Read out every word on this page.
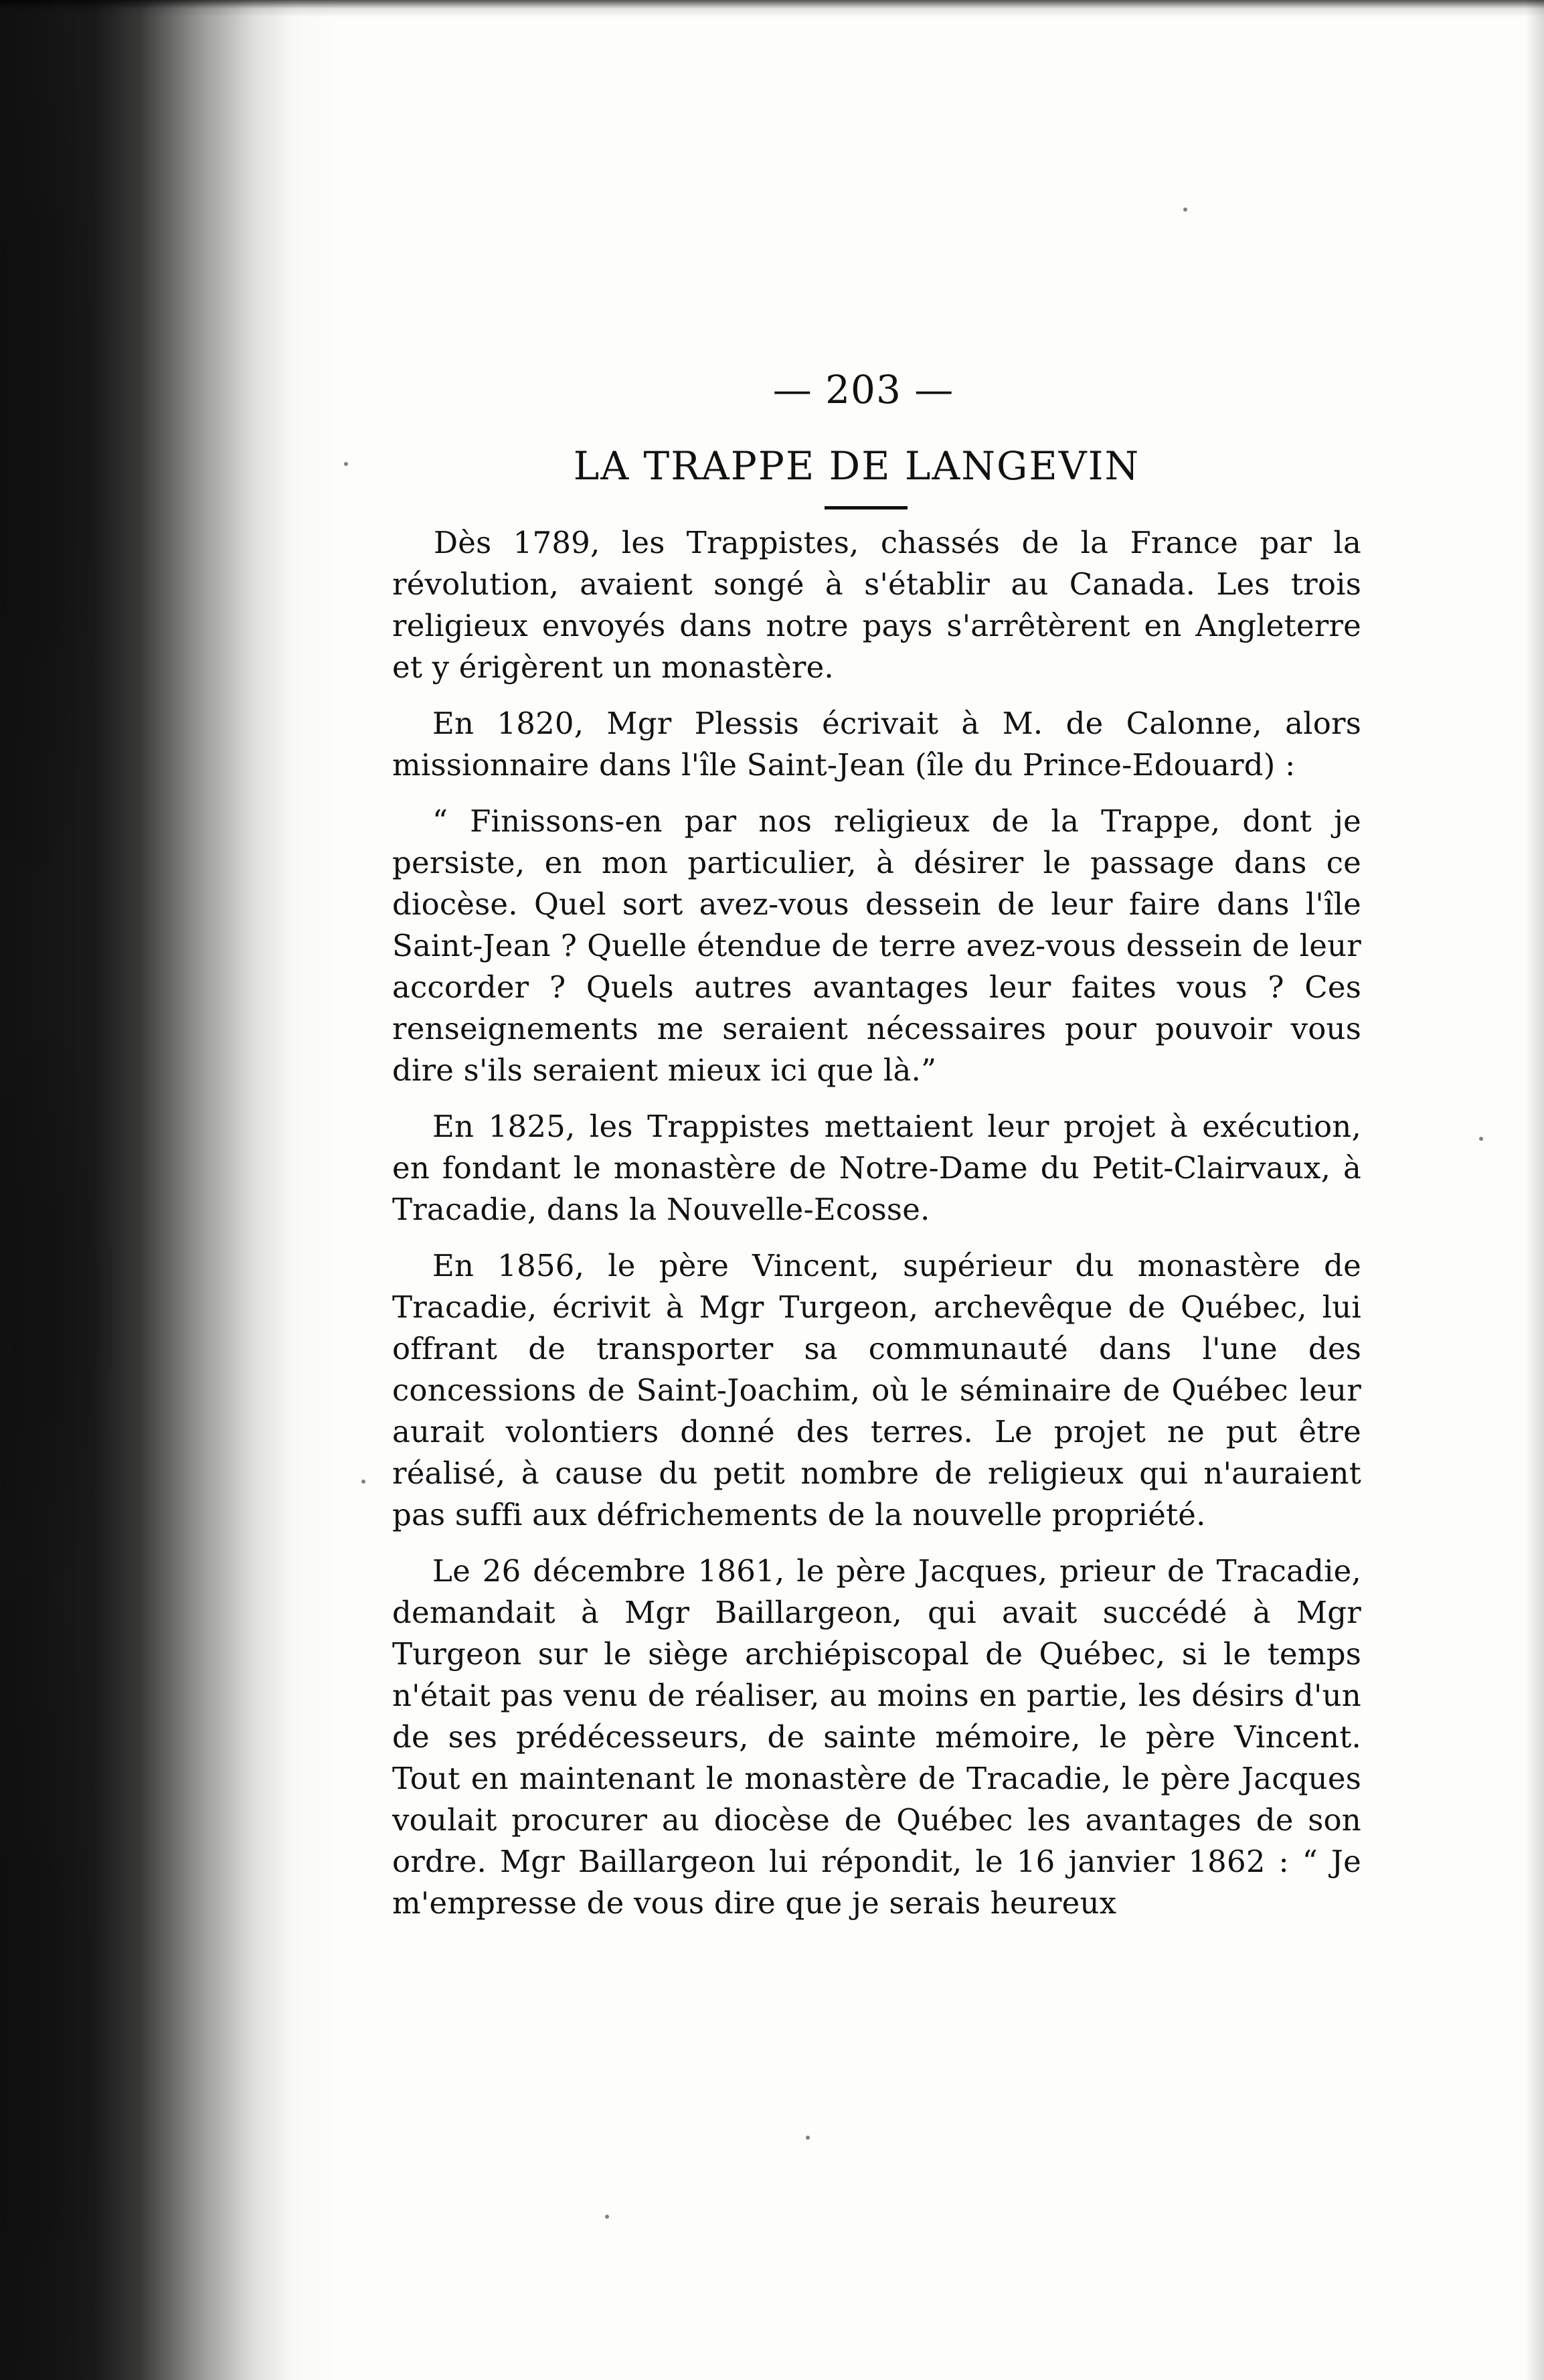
— 203 —
LA TRAPPE DE LANGEVIN

Dès 1789, les Trappistes, chassés de la France par la révolution, avaient songé à s'établir au Canada. Les trois religieux envoyés dans notre pays s'arrêtèrent en Angleterre et y érigèrent un monastère.

En 1820, Mgr Plessis écrivait à M. de Calonne, alors missionnaire dans l'île Saint-Jean (île du Prince-Edouard) :

“ Finissons-en par nos religieux de la Trappe, dont je persiste, en mon particulier, à désirer le passage dans ce diocèse. Quel sort avez-vous dessein de leur faire dans l'île Saint-Jean ? Quelle étendue de terre avez-vous dessein de leur accorder ? Quels autres avantages leur faites vous ? Ces renseignements me seraient nécessaires pour pouvoir vous dire s'ils seraient mieux ici que là.”

En 1825, les Trappistes mettaient leur projet à exécution, en fondant le monastère de Notre-Dame du Petit-Clairvaux, à Tracadie, dans la Nouvelle-Ecosse.

En 1856, le père Vincent, supérieur du monastère de Tracadie, écrivit à Mgr Turgeon, archevêque de Québec, lui offrant de transporter sa communauté dans l'une des concessions de Saint-Joachim, où le séminaire de Québec leur aurait volontiers donné des terres. Le projet ne put être réalisé, à cause du petit nombre de religieux qui n'auraient pas suffi aux défrichements de la nouvelle propriété.

Le 26 décembre 1861, le père Jacques, prieur de Tracadie, demandait à Mgr Baillargeon, qui avait succédé à Mgr Turgeon sur le siège archiépiscopal de Québec, si le temps n'était pas venu de réaliser, au moins en partie, les désirs d'un de ses prédécesseurs, de sainte mémoire, le père Vincent. Tout en maintenant le monastère de Tracadie, le père Jacques voulait procurer au diocèse de Québec les avantages de son ordre. Mgr Baillargeon lui répondit, le 16 janvier 1862 : “ Je m'empresse de vous dire que je serais heureux
